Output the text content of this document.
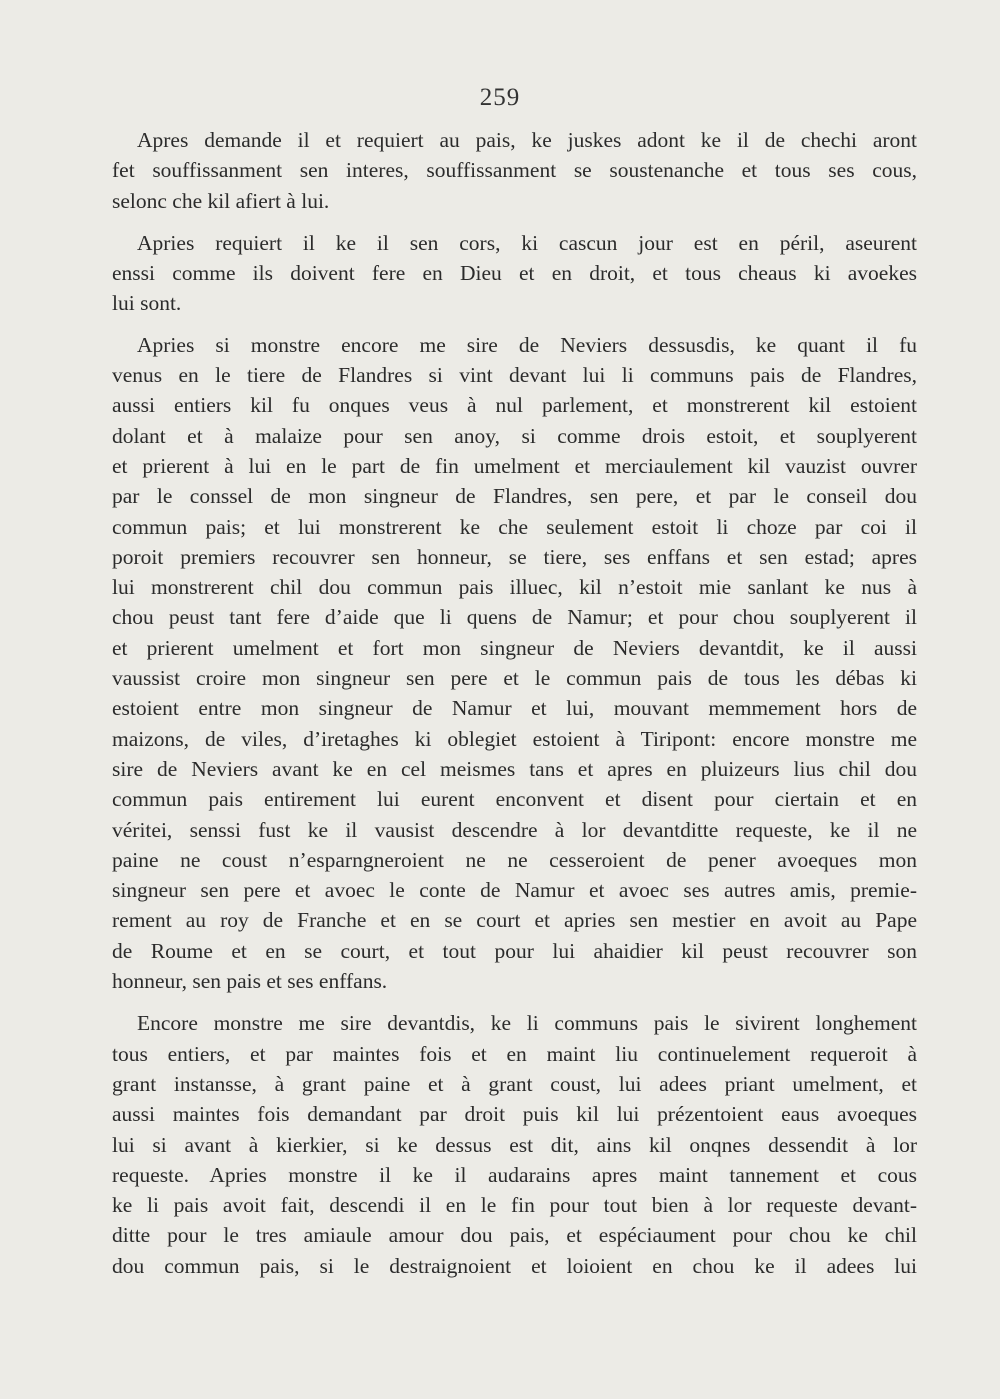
259
Apres demande il et requiert au pais, ke juskes adont ke il de chechi aront
fet souffissanment sen interes, souffissanment se soustenanche et tous ses cous,
selonc che kil afiert à lui.
Apries requiert il ke il sen cors, ki cascun jour est en péril, aseurent
enssi comme ils doivent fere en Dieu et en droit, et tous cheaus ki avoekes
lui sont.
Apries si monstre encore me sire de Neviers dessusdis, ke quant il fu
venus en le tiere de Flandres si vint devant lui li communs pais de Flandres,
aussi entiers kil fu onques veus à nul parlement, et monstrerent kil estoient
dolant et à malaize pour sen anoy, si comme drois estoit, et souplyerent
et prierent à lui en le part de fin umelment et merciaulement kil vauzist ouvrer
par le conssel de mon singneur de Flandres, sen pere, et par le conseil dou
commun pais; et lui monstrerent ke che seulement estoit li choze par coi il
poroit premiers recouvrer sen honneur, se tiere, ses enffans et sen estad; apres
lui monstrerent chil dou commun pais illuec, kil n’estoit mie sanlant ke nus à
chou peust tant fere d’aide que li quens de Namur; et pour chou souplyerent il
et prierent umelment et fort mon singneur de Neviers devantdit, ke il aussi
vaussist croire mon singneur sen pere et le commun pais de tous les débas ki
estoient entre mon singneur de Namur et lui, mouvant memmement hors de
maizons, de viles, d’iretaghes ki oblegiet estoient à Tiripont: encore monstre me
sire de Neviers avant ke en cel meismes tans et apres en pluizeurs lius chil dou
commun pais entirement lui eurent enconvent et disent pour ciertain et en
véritei, senssi fust ke il vausist descendre à lor devantditte requeste, ke il ne
paine ne coust n’esparngneroient ne ne cesseroient de pener avoeques mon
singneur sen pere et avoec le conte de Namur et avoec ses autres amis, premie-
rement au roy de Franche et en se court et apries sen mestier en avoit au Pape
de Roume et en se court, et tout pour lui ahaidier kil peust recouvrer son
honneur, sen pais et ses enffans.
Encore monstre me sire devantdis, ke li communs pais le sivirent longhement
tous entiers, et par maintes fois et en maint liu continuelement requeroit à
grant instansse, à grant paine et à grant coust, lui adees priant umelment, et
aussi maintes fois demandant par droit puis kil lui prézentoient eaus avoeques
lui si avant à kierkier, si ke dessus est dit, ains kil onqnes dessendit à lor
requeste. Apries monstre il ke il audarains apres maint tannement et cous
ke li pais avoit fait, descendi il en le fin pour tout bien à lor requeste devant-
ditte pour le tres amiaule amour dou pais, et espéciaument pour chou ke chil
dou commun pais, si le destraignoient et loioient en chou ke il adees lui
